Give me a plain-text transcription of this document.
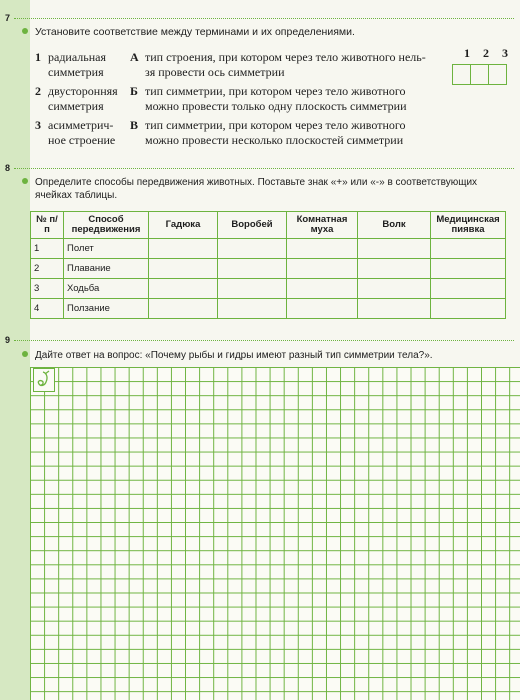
7
Установите соответствие между терминами и их определениями.
1 2 3

1 радиальная
симметрия
2 двусторонняя
симметрия
3 асимметрич-
ное строение
А тип строения, при котором через тело животного нель-
зя провести ось симметрии
Б тип симметрии, при котором через тело животного
можно провести только одну плоскость симметрии
В тип симметрии, при котором через тело животного
можно провести несколько плоскостей симметрии
8
Определите способы передвижения животных. Поставьте знак «+» или «-» в соответствующих
ячейках таблицы.
№ п/п	Способ передвижения	Гадюка	Воробей	Комнатная муха	Волк	Медицинская пиявка
1	Полет					
2	Плавание					
3	Ходьба					
4	Ползание					
9
Дайте ответ на вопрос: «Почему рыбы и гидры имеют разный тип симметрии тела?».
